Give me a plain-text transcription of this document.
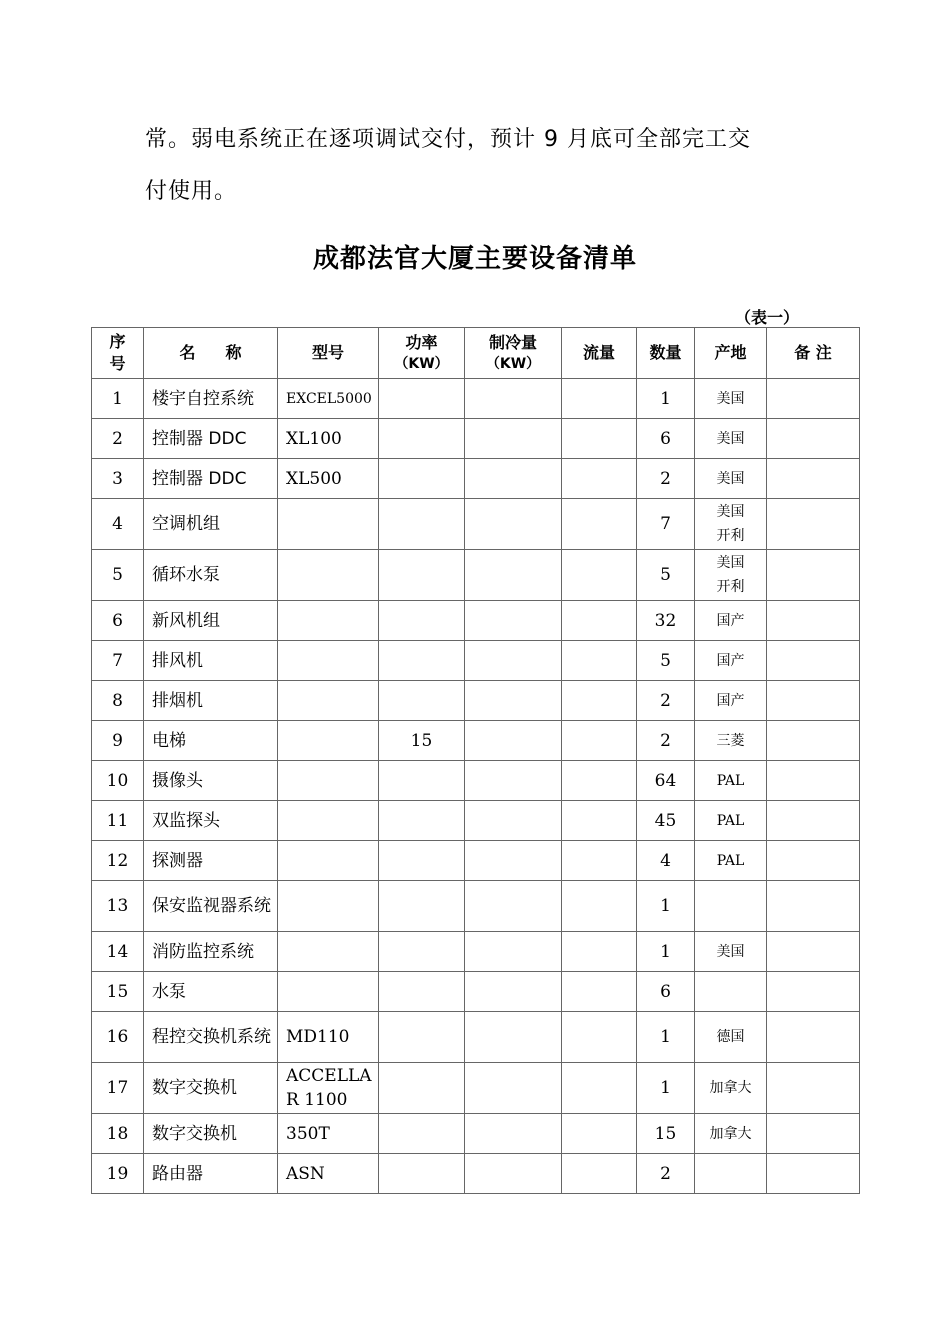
常。弱电系统正在逐项调试交付，预计 9 月底可全部完工交
付使用。
成都法官大厦主要设备清单
（表一）
序号	名 称	型号	功率
（KW）	制冷量
（KW）	流量	数量	产地	备 注
1	楼宇自控系统	EXCEL5000				1	美国	
2	控制器 DDC	XL100				6	美国	
3	控制器 DDC	XL500				2	美国	
4	空调机组					7	美国
开利	
5	循环水泵					5	美国
开利	
6	新风机组					32	国产	
7	排风机					5	国产	
8	排烟机					2	国产	
9	电梯		15			2	三菱	
10	摄像头					64	PAL	
11	双监探头					45	PAL	
12	探测器					4	PAL	
13	保安监视器系统					1		
14	消防监控系统					1	美国	
15	水泵					6		
16	程控交换机系统	MD110				1	德国	
17	数字交换机	ACCELLAR 1100				1	加拿大	
18	数字交换机	350T				15	加拿大	
19	路由器	ASN				2		
